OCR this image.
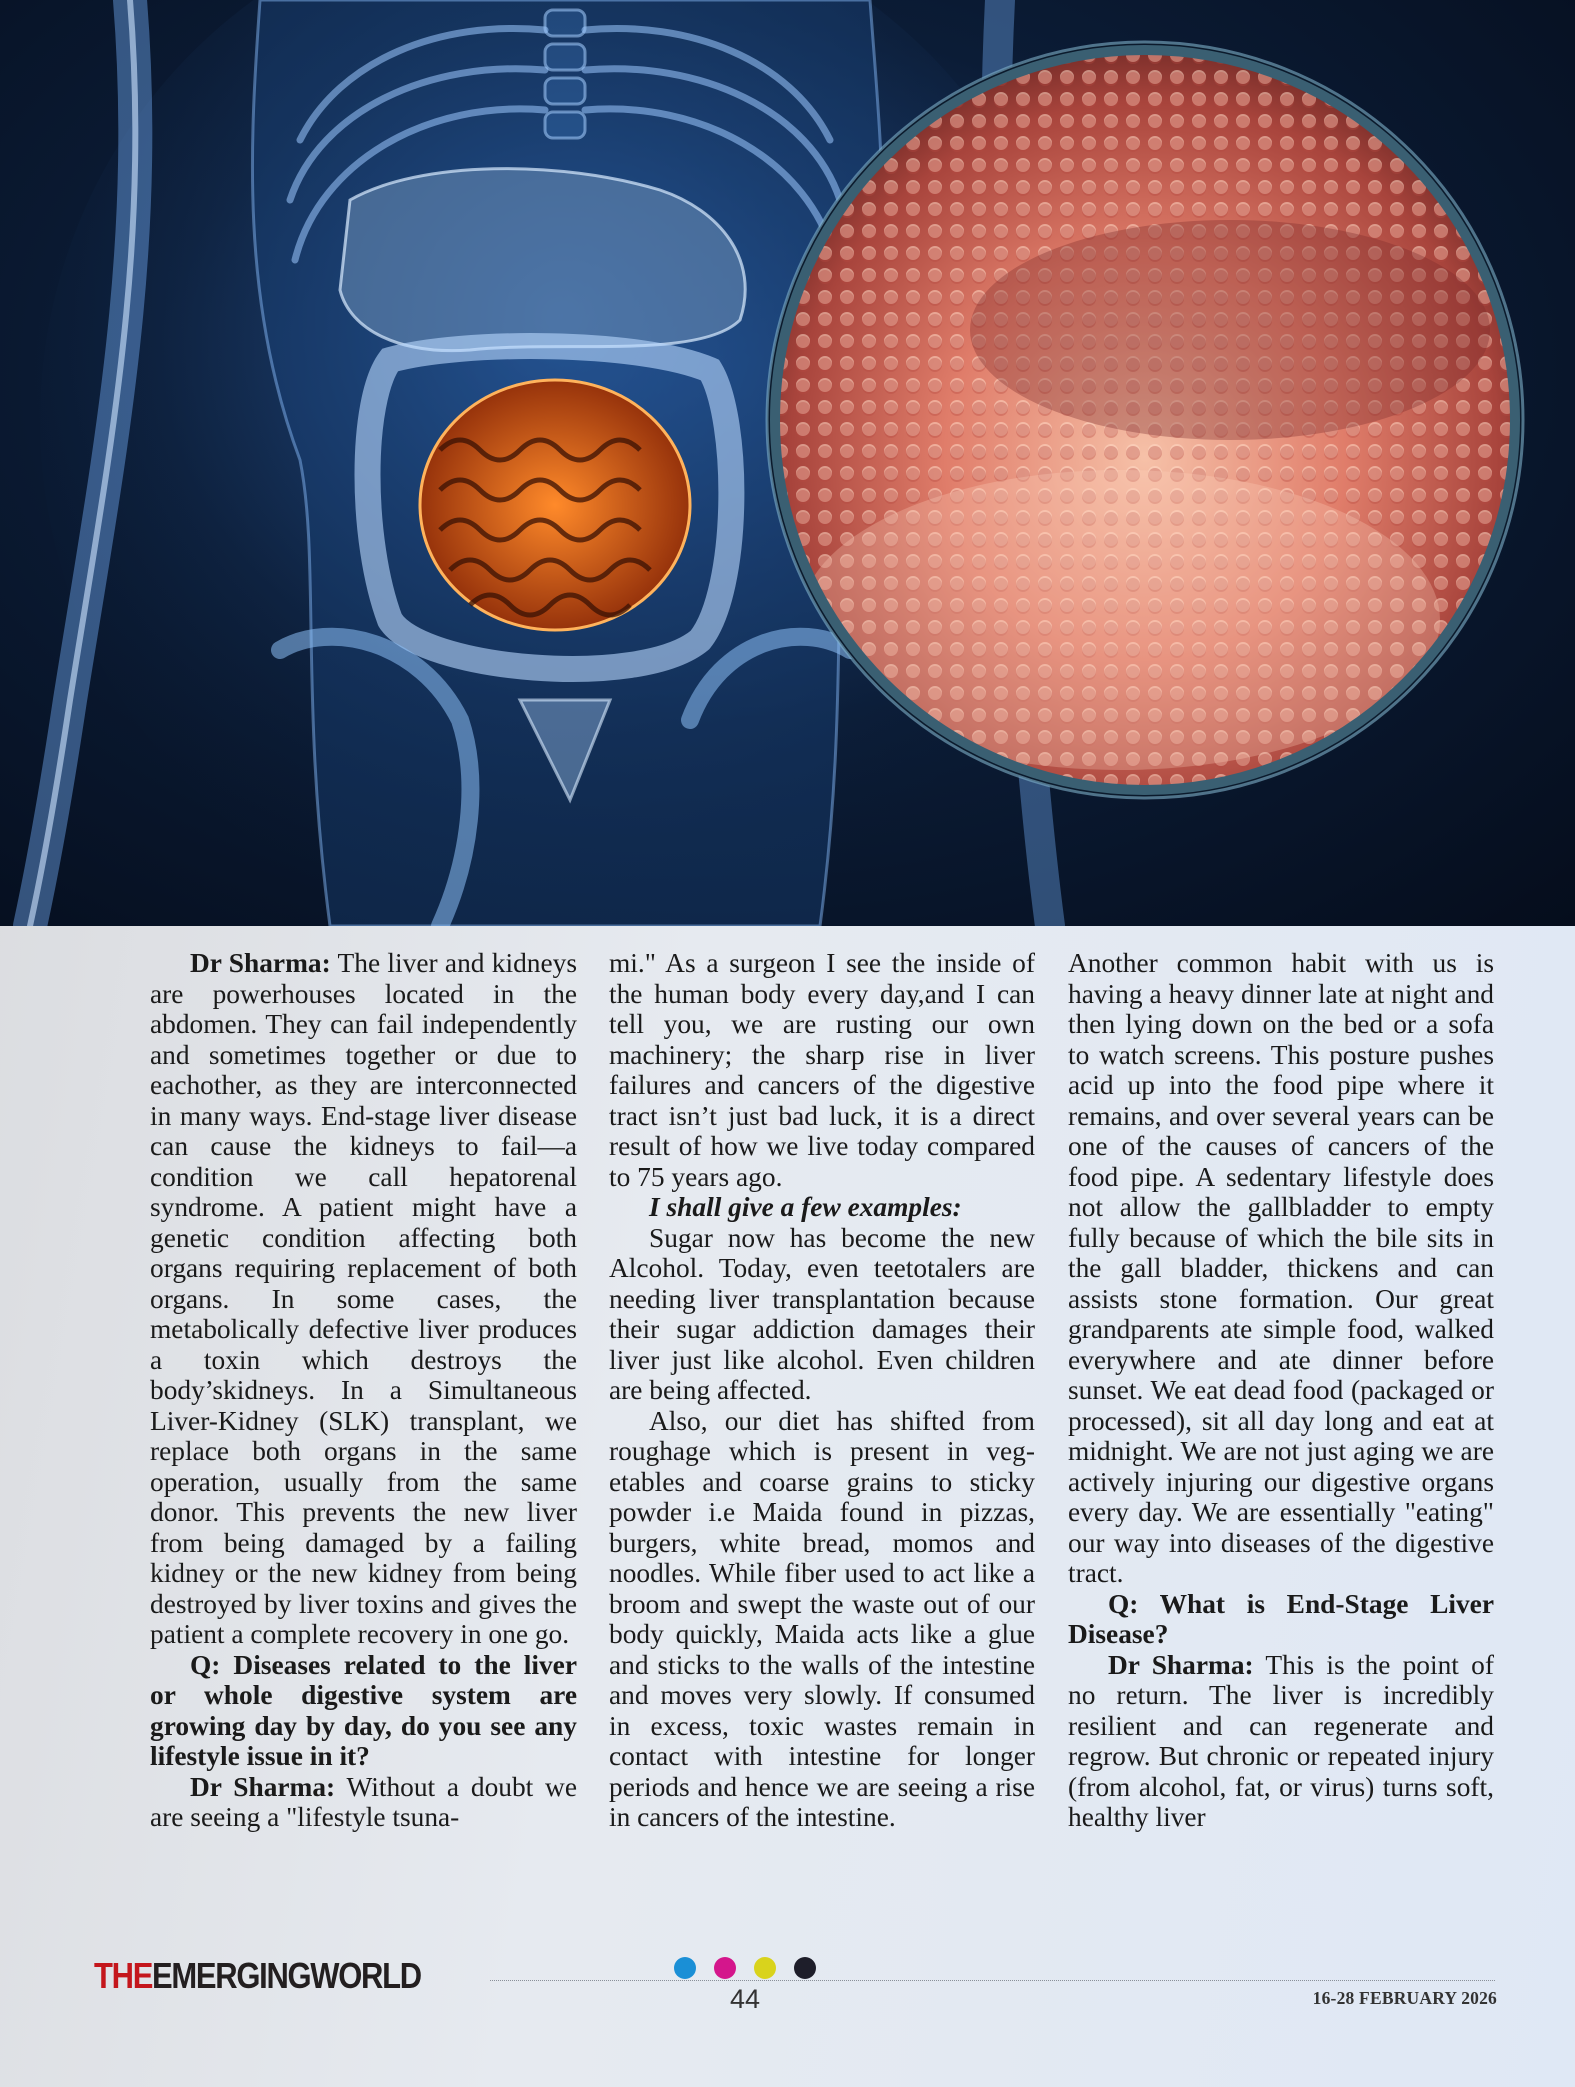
Dr Sharma: The liver and kidneys are powerhouses located in the abdomen. They can fail independently and sometimes together or due to eachother, as they are interconnected in many ways. End-stage liver disease can cause the kidneys to fail—a condition we call hepatorenal syndrome. A patient might have a genetic condition affecting both organs requiring replacement of both organs. In some cases, the metabolically defective liver produces a toxin which destroys the body’skidneys. In a Simultaneous Liver-Kidney (SLK) transplant, we replace both organs in the same operation, usually from the same donor. This prevents the new liver from being damaged by a failing kidney or the new kidney from being destroyed by liver toxins and gives the patient a complete recovery in one go.

Q: Diseases related to the liver or whole digestive system are growing day by day, do you see any lifestyle issue in it?

Dr Sharma: Without a doubt we are seeing a "lifestyle tsuna-

mi." As a surgeon I see the inside of the human body every day,and I can tell you, we are rusting our own machinery; the sharp rise in liver failures and cancers of the digestive tract isn’t just bad luck, it is a direct result of how we live today compared to 75 years ago.

I shall give a few examples:

Sugar now has become the new Alcohol. Today, even teetotalers are needing liver transplantation because their sugar addiction damages their liver just like alcohol. Even children are being affected.

Also, our diet has shifted from roughage which is present in vegetables and coarse grains to sticky powder i.e Maida found in pizzas, burgers, white bread, momos and noodles. While fiber used to act like a broom and swept the waste out of our body quickly, Maida acts like a glue and sticks to the walls of the intestine and moves very slowly. If consumed in excess, toxic wastes remain in contact with intestine for longer periods and hence we are seeing a rise in cancers of the intestine.

Another common habit with us is having a heavy dinner late at night and then lying down on the bed or a sofa to watch screens. This posture pushes acid up into the food pipe where it remains, and over several years can be one of the causes of cancers of the food pipe. A sedentary lifestyle does not allow the gallbladder to empty fully because of which the bile sits in the gall bladder, thickens and can assists stone formation. Our great grandparents ate simple food, walked everywhere and ate dinner before sunset. We eat dead food (packaged or processed), sit all day long and eat at midnight. We are not just aging we are actively injuring our digestive organs every day. We are essentially "eating" our way into diseases of the digestive tract.

Q: What is End-Stage Liver Disease?

Dr Sharma: This is the point of no return. The liver is incredibly resilient and can regenerate and regrow. But chronic or repeated injury (from alcohol, fat, or virus) turns soft, healthy liver

THEEMERGINGWORLD
44	16-28 FEBRUARY 2026
